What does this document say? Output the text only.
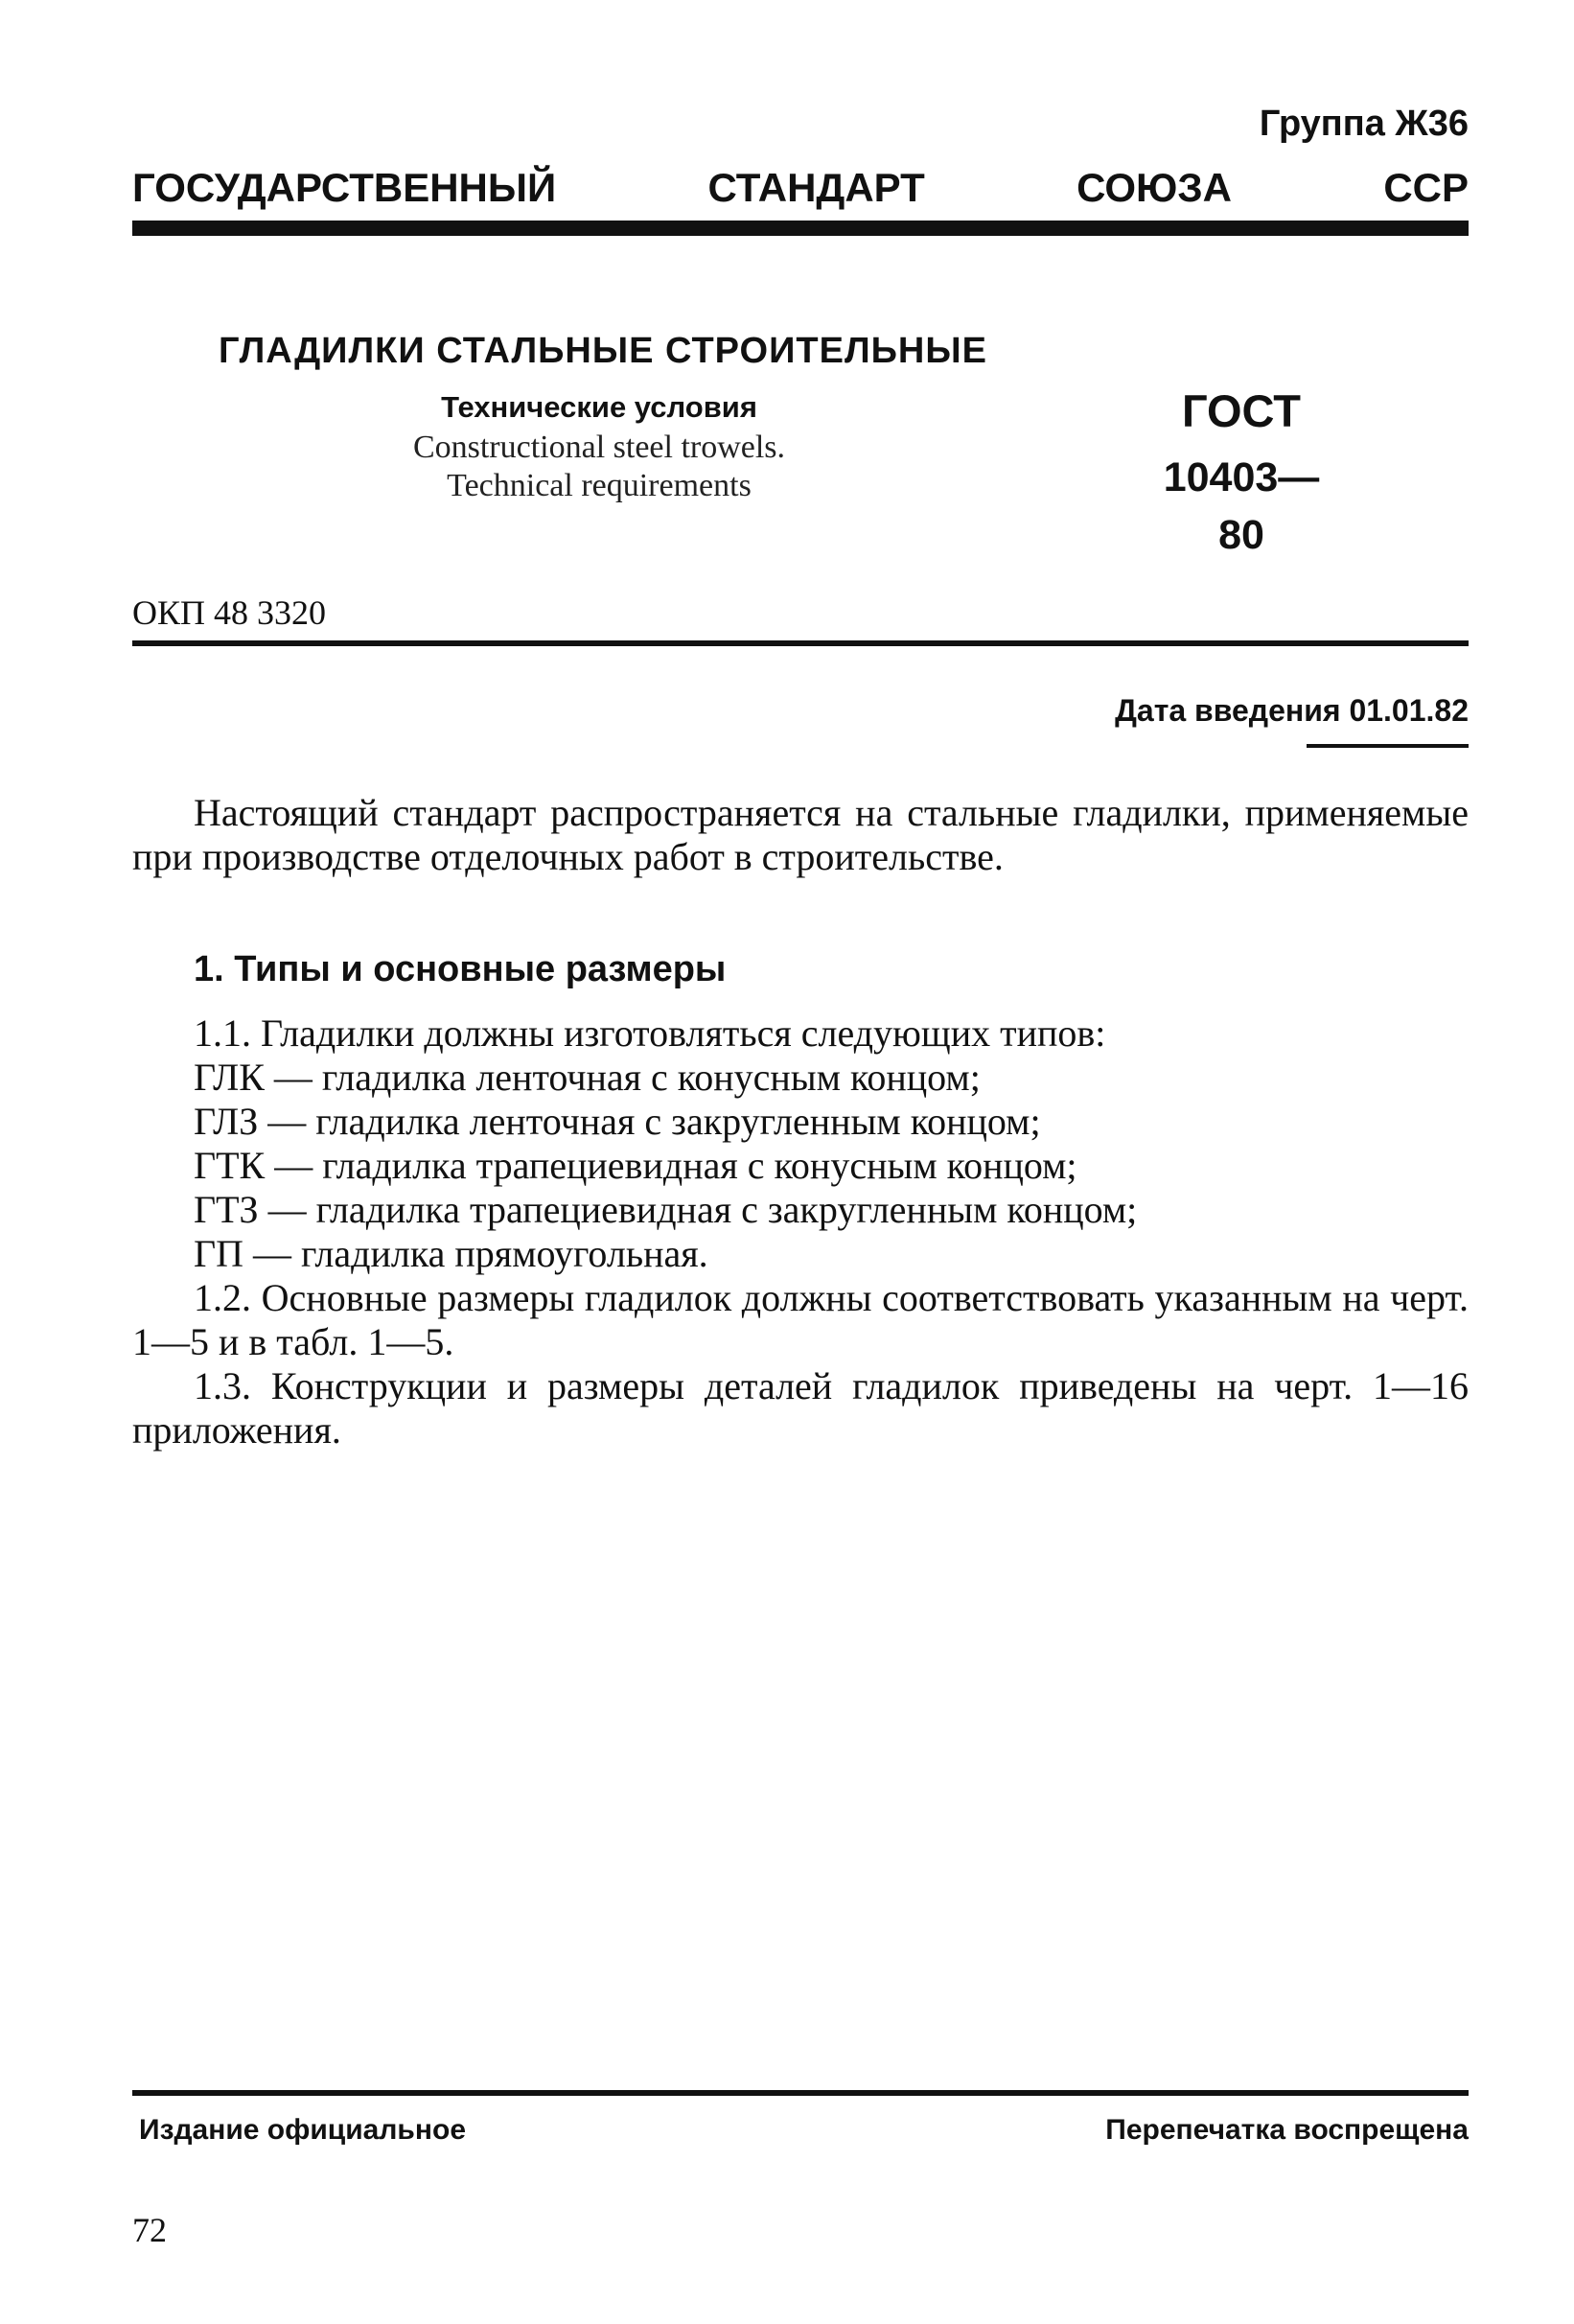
Группа Ж36
ГОСУДАРСТВЕННЫЙ СТАНДАРТ СОЮЗА ССР
ГЛАДИЛКИ СТАЛЬНЫЕ СТРОИТЕЛЬНЫЕ
Технические условия
Constructional steel trowels.
Technical requirements
ГОСТ
10403—80
ОКП 48 3320
Дата введения 01.01.82
Настоящий стандарт распространяется на стальные гладилки, применяемые при производстве отделочных работ в строительстве.
1. Типы и основные размеры
1.1. Гладилки должны изготовляться следующих типов:
ГЛК — гладилка ленточная с конусным концом;
ГЛЗ — гладилка ленточная с закругленным концом;
ГТК — гладилка трапециевидная с конусным концом;
ГТЗ — гладилка трапециевидная с закругленным концом;
ГП — гладилка прямоугольная.
1.2. Основные размеры гладилок должны соответствовать указанным на черт. 1—5 и в табл. 1—5.
1.3. Конструкции и размеры деталей гладилок приведены на черт. 1—16 приложения.
Издание официальное	Перепечатка воспрещена
72
